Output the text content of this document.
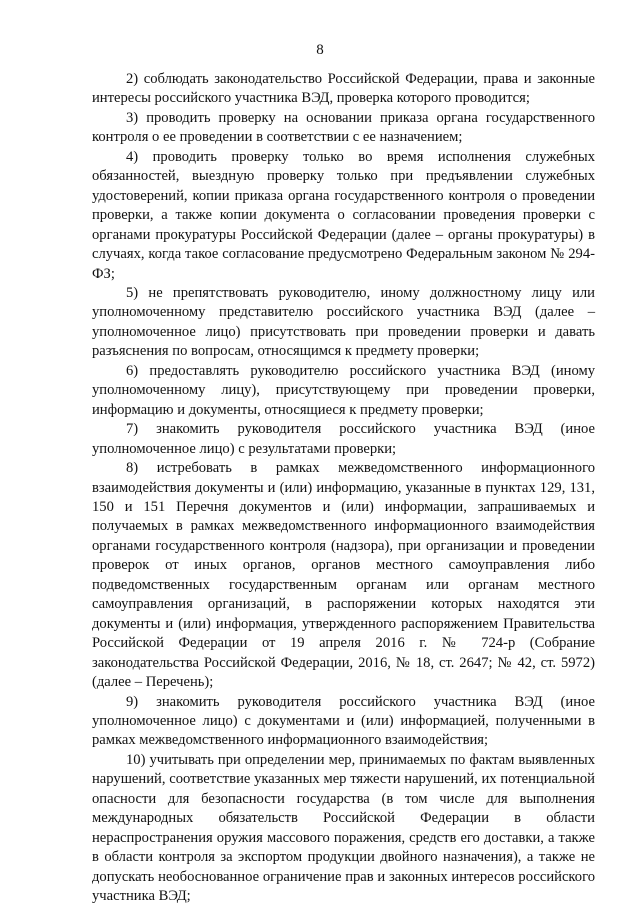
8

2) соблюдать законодательство Российской Федерации, права и законные интересы российского участника ВЭД, проверка которого проводится;

3) проводить проверку на основании приказа органа государственного контроля о ее проведении в соответствии с ее назначением;

4) проводить проверку только во время исполнения служебных обязанностей, выездную проверку только при предъявлении служебных удостоверений, копии приказа органа государственного контроля о проведении проверки, а также копии документа о согласовании проведения проверки с органами прокуратуры Российской Федерации (далее – органы прокуратуры) в случаях, когда такое согласование предусмотрено Федеральным законом № 294-ФЗ;

5) не препятствовать руководителю, иному должностному лицу или уполномоченному представителю российского участника ВЭД (далее – уполномоченное лицо) присутствовать при проведении проверки и давать разъяснения по вопросам, относящимся к предмету проверки;

6) предоставлять руководителю российского участника ВЭД (иному уполномоченному лицу), присутствующему при проведении проверки, информацию и документы, относящиеся к предмету проверки;

7) знакомить руководителя российского участника ВЭД (иное уполномоченное лицо) с результатами проверки;

8) истребовать в рамках межведомственного информационного взаимодействия документы и (или) информацию, указанные в пунктах 129, 131, 150 и 151 Перечня документов и (или) информации, запрашиваемых и получаемых в рамках межведомственного информационного взаимодействия органами государственного контроля (надзора), при организации и проведении проверок от иных органов, органов местного самоуправления либо подведомственных государственным органам или органам местного самоуправления организаций, в распоряжении которых находятся эти документы и (или) информация, утвержденного распоряжением Правительства Российской Федерации от 19 апреля 2016 г. № 724-р (Собрание законодательства Российской Федерации, 2016, № 18, ст. 2647; № 42, ст. 5972) (далее – Перечень);

9) знакомить руководителя российского участника ВЭД (иное уполномоченное лицо) с документами и (или) информацией, полученными в рамках межведомственного информационного взаимодействия;

10) учитывать при определении мер, принимаемых по фактам выявленных нарушений, соответствие указанных мер тяжести нарушений, их потенциальной опасности для безопасности государства (в том числе для выполнения международных обязательств Российской Федерации в области нераспространения оружия массового поражения, средств его доставки, а также в области контроля за экспортом продукции двойного назначения), а также не допускать необоснованное ограничение прав и законных интересов российского участника ВЭД;
